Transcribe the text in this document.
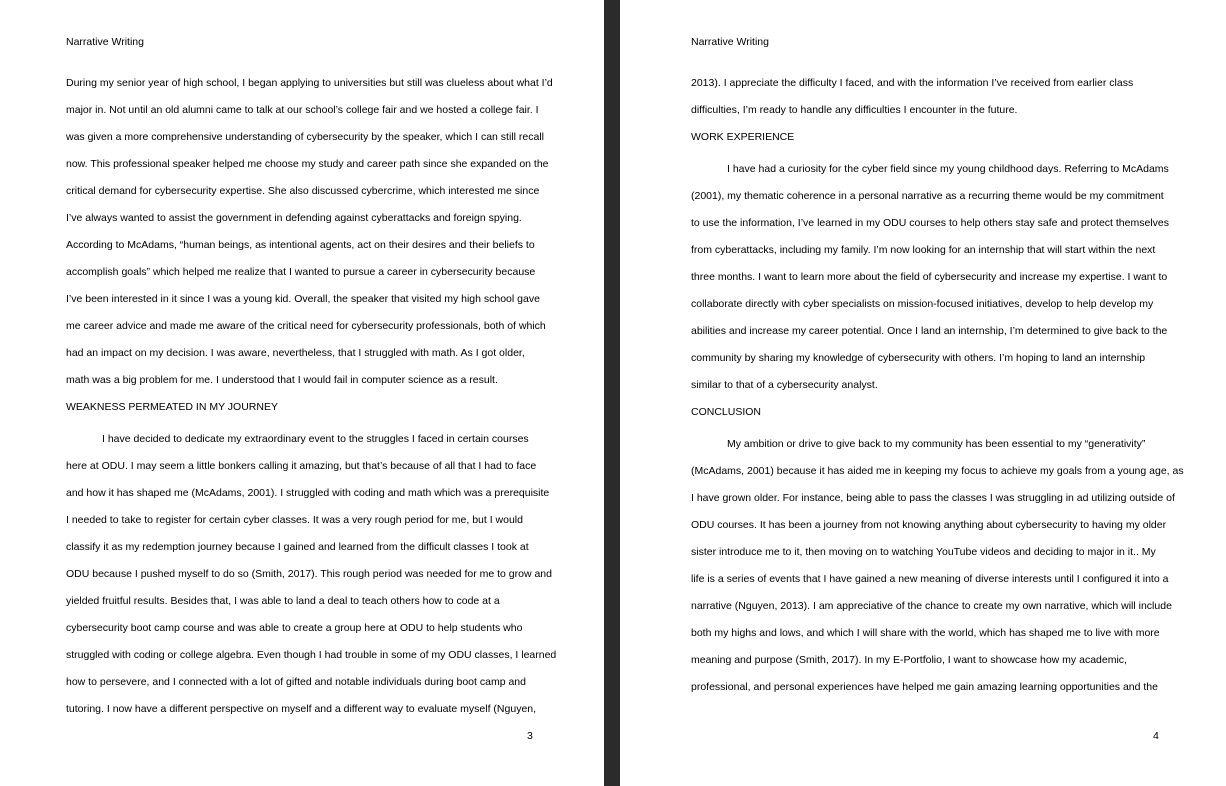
Narrative Writing
During my senior year of high school, I began applying to universities but still was clueless about what I’d
major in. Not until an old alumni came to talk at our school’s college fair and we hosted a college fair. I
was given a more comprehensive understanding of cybersecurity by the speaker, which I can still recall
now. This professional speaker helped me choose my study and career path since she expanded on the
critical demand for cybersecurity expertise. She also discussed cybercrime, which interested me since
I’ve always wanted to assist the government in defending against cyberattacks and foreign spying.
According to McAdams, “human beings, as intentional agents, act on their desires and their beliefs to
accomplish goals” which helped me realize that I wanted to pursue a career in cybersecurity because
I’ve been interested in it since I was a young kid. Overall, the speaker that visited my high school gave
me career advice and made me aware of the critical need for cybersecurity professionals, both of which
had an impact on my decision. I was aware, nevertheless, that I struggled with math. As I got older,
math was a big problem for me. I understood that I would fail in computer science as a result.
WEAKNESS PERMEATED IN MY JOURNEY
I have decided to dedicate my extraordinary event to the struggles I faced in certain courses
here at ODU. I may seem a little bonkers calling it amazing, but that’s because of all that I had to face
and how it has shaped me (McAdams, 2001). I struggled with coding and math which was a prerequisite
I needed to take to register for certain cyber classes. It was a very rough period for me, but I would
classify it as my redemption journey because I gained and learned from the difficult classes I took at
ODU because I pushed myself to do so (Smith, 2017). This rough period was needed for me to grow and
yielded fruitful results. Besides that, I was able to land a deal to teach others how to code at a
cybersecurity boot camp course and was able to create a group here at ODU to help students who
struggled with coding or college algebra. Even though I had trouble in some of my ODU classes, I learned
how to persevere, and I connected with a lot of gifted and notable individuals during boot camp and
tutoring. I now have a different perspective on myself and a different way to evaluate myself (Nguyen,
3
Narrative Writing
2013). I appreciate the difficulty I faced, and with the information I’ve received from earlier class
difficulties, I’m ready to handle any difficulties I encounter in the future.
WORK EXPERIENCE
I have had a curiosity for the cyber field since my young childhood days. Referring to McAdams
(2001), my thematic coherence in a personal narrative as a recurring theme would be my commitment
to use the information, I’ve learned in my ODU courses to help others stay safe and protect themselves
from cyberattacks, including my family. I’m now looking for an internship that will start within the next
three months. I want to learn more about the field of cybersecurity and increase my expertise. I want to
collaborate directly with cyber specialists on mission-focused initiatives, develop to help develop my
abilities and increase my career potential. Once I land an internship, I’m determined to give back to the
community by sharing my knowledge of cybersecurity with others. I’m hoping to land an internship
similar to that of a cybersecurity analyst.
CONCLUSION
My ambition or drive to give back to my community has been essential to my “generativity”
(McAdams, 2001) because it has aided me in keeping my focus to achieve my goals from a young age, as
I have grown older. For instance, being able to pass the classes I was struggling in ad utilizing outside of
ODU courses. It has been a journey from not knowing anything about cybersecurity to having my older
sister introduce me to it, then moving on to watching YouTube videos and deciding to major in it.. My
life is a series of events that I have gained a new meaning of diverse interests until I configured it into a
narrative (Nguyen, 2013). I am appreciative of the chance to create my own narrative, which will include
both my highs and lows, and which I will share with the world, which has shaped me to live with more
meaning and purpose (Smith, 2017). In my E-Portfolio, I want to showcase how my academic,
professional, and personal experiences have helped me gain amazing learning opportunities and the
4
